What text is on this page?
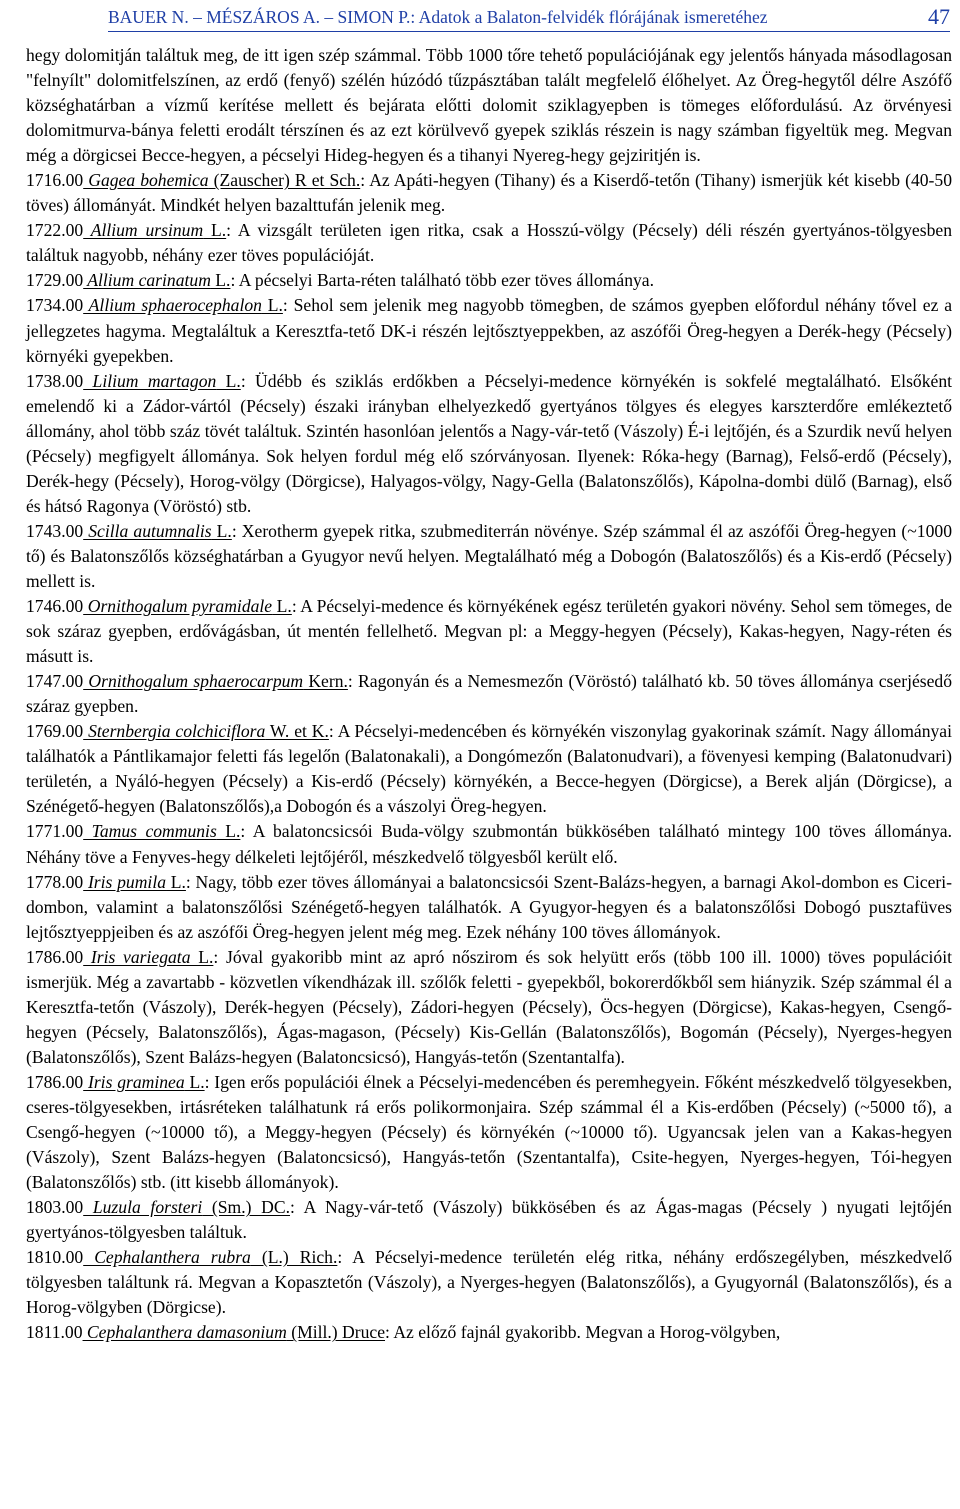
BAUER N. – MÉSZÁROS A. – SIMON P.: Adatok a Balaton-felvidék flórájának ismeretéhez	47

hegy dolomitján találtuk meg, de itt igen szép számmal. Több 1000 tőre tehető populációjának egy jelentős hányada másodlagosan "felnyílt" dolomitfelszínen, az erdő (fenyő) szélén húzódó tűzpásztában talált megfelelő élőhelyet. Az Öreg-hegytől délre Aszófő községhatárban a vízmű kerítése mellett és bejárata előtti dolomit sziklagyepben is tömeges előfordulású. Az örvényesi dolomitmurva-bánya feletti erodált térszínen és az ezt körülvevő gyepek sziklás részein is nagy számban figyeltük meg. Megvan még a dörgicsei Becce-hegyen, a pécselyi Hideg-hegyen és a tihanyi Nyereg-hegy gejziritjén is.

1716.00 Gagea bohemica (Zauscher) R et Sch.: Az Apáti-hegyen (Tihany) és a Kiserdő-tetőn (Tihany) ismerjük két kisebb (40-50 töves) állományát. Mindkét helyen bazalttufán jelenik meg.

1722.00 Allium ursinum L.: A vizsgált területen igen ritka, csak a Hosszú-völgy (Pécsely) déli részén gyertyános-tölgyesben találtuk nagyobb, néhány ezer töves populációját.

1729.00 Allium carinatum L.: A pécselyi Barta-réten található több ezer töves állománya.

1734.00 Allium sphaerocephalon L.: Sehol sem jelenik meg nagyobb tömegben, de számos gyepben előfordul néhány tővel ez a jellegzetes hagyma. Megtaláltuk a Keresztfa-tető DK-i részén lejtősztyeppekben, az aszófői Öreg-hegyen a Derék-hegy (Pécsely) környéki gyepekben.

1738.00 Lilium martagon L.: Üdébb és sziklás erdőkben a Pécselyi-medence környékén is sokfelé megtalálható. Elsőként emelendő ki a Zádor-vártól (Pécsely) északi irányban elhelyezkedő gyertyános tölgyes és elegyes karszterdőre emlékeztető állomány, ahol több száz tövét találtuk. Szintén hasonlóan jelentős a Nagy-vár-tető (Vászoly) É-i lejtőjén, és a Szurdik nevű helyen (Pécsely) megfigyelt állománya. Sok helyen fordul még elő szórványosan. Ilyenek: Róka-hegy (Barnag), Felső-erdő (Pécsely), Derék-hegy (Pécsely), Horog-völgy (Dörgicse), Halyagos-völgy, Nagy-Gella (Balatonszőlős), Kápolna-dombi dülő (Barnag), első és hátsó Ragonya (Vöröstó) stb.

1743.00 Scilla autumnalis L.: Xerotherm gyepek ritka, szubmediterrán növénye. Szép számmal él az aszófői Öreg-hegyen (~1000 tő) és Balatonszőlős községhatárban a Gyugyor nevű helyen. Megtalálható még a Dobogón (Balatoszőlős) és a Kis-erdő (Pécsely) mellett is.

1746.00 Ornithogalum pyramidale L.: A Pécselyi-medence és környékének egész területén gyakori növény. Sehol sem tömeges, de sok száraz gyepben, erdővágásban, út mentén fellelhető. Megvan pl: a Meggy-hegyen (Pécsely), Kakas-hegyen, Nagy-réten és másutt is.

1747.00 Ornithogalum sphaerocarpum Kern.: Ragonyán és a Nemesmezőn (Vöröstó) található kb. 50 töves állománya cserjésedő száraz gyepben.

1769.00 Sternbergia colchiciflora W. et K.: A Pécselyi-medencében és környékén viszonylag gyakorinak számít. Nagy állományai találhatók a Pántlikamajor feletti fás legelőn (Balatonakali), a Dongómezőn (Balatonudvari), a fövenyesi kemping (Balatonudvari) területén, a Nyáló-hegyen (Pécsely) a Kis-erdő (Pécsely) környékén, a Becce-hegyen (Dörgicse), a Berek alján (Dörgicse), a Szénégető-hegyen (Balatonszőlős),a Dobogón és a vászolyi Öreg-hegyen.

1771.00 Tamus communis L.: A balatoncsicsói Buda-völgy szubmontán bükkösében található mintegy 100 töves állománya. Néhány töve a Fenyves-hegy délkeleti lejtőjéről, mészkedvelő tölgyesből került elő.

1778.00 Iris pumila L.: Nagy, több ezer töves állományai a balatoncsicsói Szent-Balázs-hegyen, a barnagi Akol-dombon es Ciceri-dombon, valamint a balatonszőlősi Szénégető-hegyen találhatók. A Gyugyor-hegyen és a balatonszőlősi Dobogó pusztafüves lejtősztyeppjeiben és az aszófői Öreg-hegyen jelent még meg. Ezek néhány 100 töves állományok.

1786.00 Iris variegata L.: Jóval gyakoribb mint az apró nőszirom és sok helyütt erős (több 100 ill. 1000) töves populációit ismerjük. Még a zavartabb - közvetlen víkendházak ill. szőlők feletti - gyepekből, bokorerdőkből sem hiányzik. Szép számmal él a Keresztfa-tetőn (Vászoly), Derék-hegyen (Pécsely), Zádori-hegyen (Pécsely), Öcs-hegyen (Dörgicse), Kakas-hegyen, Csengő-hegyen (Pécsely, Balatonszőlős), Ágas-magason, (Pécsely) Kis-Gellán (Balatonszőlős), Bogomán (Pécsely), Nyerges-hegyen (Balatonszőlős), Szent Balázs-hegyen (Balatoncsicsó), Hangyás-tetőn (Szentantalfa).

1786.00 Iris graminea L.: Igen erős populációi élnek a Pécselyi-medencében és peremhegyein. Főként mészkedvelő tölgyesekben, cseres-tölgyesekben, irtásréteken találhatunk rá erős polikormonjaira. Szép számmal él a Kis-erdőben (Pécsely) (~5000 tő), a Csengő-hegyen (~10000 tő), a Meggy-hegyen (Pécsely) és környékén (~10000 tő). Ugyancsak jelen van a Kakas-hegyen (Vászoly), Szent Balázs-hegyen (Balatoncsicsó), Hangyás-tetőn (Szentantalfa), Csite-hegyen, Nyerges-hegyen, Tói-hegyen (Balatonszőlős) stb. (itt kisebb állományok).

1803.00 Luzula forsteri (Sm.) DC.: A Nagy-vár-tető (Vászoly) bükkösében és az Ágas-magas (Pécsely ) nyugati lejtőjén gyertyános-tölgyesben találtuk.

1810.00 Cephalanthera rubra (L.) Rich.: A Pécselyi-medence területén elég ritka, néhány erdőszegélyben, mészkedvelő tölgyesben találtunk rá. Megvan a Kopasztetőn (Vászoly), a Nyerges-hegyen (Balatonszőlős), a Gyugyornál (Balatonszőlős), és a Horog-völgyben (Dörgicse).

1811.00 Cephalanthera damasonium (Mill.) Druce: Az előző fajnál gyakoribb. Megvan a Horog-völgyben,
